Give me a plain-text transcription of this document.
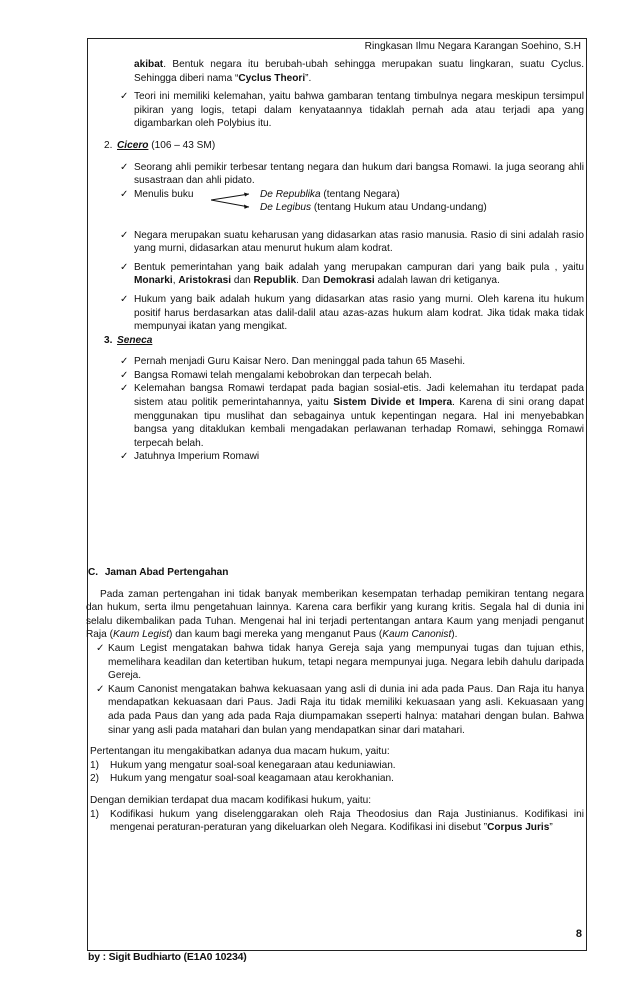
Ringkasan Ilmu Negara Karangan Soehino, S.H

akibat. Bentuk negara itu berubah-ubah sehingga merupakan suatu lingkaran, suatu Cyclus. Sehingga diberi nama “Cyclus Theori”.

✓ Teori ini memiliki kelemahan, yaitu bahwa gambaran tentang timbulnya negara meskipun tersimpul pikiran yang logis, tetapi dalam kenyataannya tidaklah pernah ada atau terjadi apa yang digambarkan oleh Polybius itu.

2. Cicero (106 – 43 SM)

✓ Seorang ahli pemikir terbesar tentang negara dan hukum dari bangsa Romawi. Ia juga seorang ahli susastraan dan ahli pidato.

✓ Menulis buku	De Republika (tentang Negara)
De Legibus (tentang Hukum atau Undang-undang)

✓ Negara merupakan suatu keharusan yang didasarkan atas rasio manusia. Rasio di sini adalah rasio yang murni, didasarkan atau menurut hukum alam kodrat.

✓ Bentuk pemerintahan yang baik adalah yang merupakan campuran dari yang baik pula , yaitu Monarki, Aristokrasi dan Republik. Dan Demokrasi adalah lawan dri ketiganya.

✓ Hukum yang baik adalah hukum yang didasarkan atas rasio yang murni. Oleh karena itu hukum positif harus berdasarkan atas dalil-dalil atau azas-azas hukum alam kodrat. Jika tidak maka tidak mempunyai ikatan yang mengikat.

3. Seneca

✓ Pernah menjadi Guru Kaisar Nero. Dan meninggal pada tahun 65 Masehi.

✓ Bangsa Romawi telah mengalami kebobrokan dan terpecah belah.

✓ Kelemahan bangsa Romawi terdapat pada bagian sosial-etis. Jadi kelemahan itu terdapat pada sistem atau politik pemerintahannya, yaitu Sistem Divide et Impera. Karena di sini orang dapat menggunakan tipu muslihat dan sebagainya untuk kepentingan negara. Hal ini menyebabkan bangsa yang ditaklukan kembali mengadakan perlawanan terhadap Romawi, sehingga Romawi terpecah belah.

✓ Jatuhnya Imperium Romawi

C. Jaman Abad Pertengahan

Pada zaman pertengahan ini tidak banyak memberikan kesempatan terhadap pemikiran tentang negara dan hukum, serta ilmu pengetahuan lainnya. Karena cara berfikir yang kurang kritis. Segala hal di dunia ini selalu dikembalikan pada Tuhan. Mengenai hal ini terjadi pertentangan antara Kaum yang menjadi penganut Raja (Kaum Legist) dan kaum bagi mereka yang menganut Paus (Kaum Canonist).

✓ Kaum Legist mengatakan bahwa tidak hanya Gereja saja yang mempunyai tugas dan tujuan ethis, memelihara keadilan dan ketertiban hukum, tetapi negara mempunyai juga. Negara lebih dahulu daripada Gereja.

✓ Kaum Canonist mengatakan bahwa kekuasaan yang asli di dunia ini ada pada Paus. Dan Raja itu hanya mendapatkan kekuasaan dari Paus. Jadi Raja itu tidak memiliki kekuasaan yang asli. Kekuasaan yang ada pada Paus dan yang ada pada Raja diumpamakan sseperti halnya: matahari dengan bulan. Bahwa sinar yang asli pada matahari dan bulan yang mendapatkan sinar dari matahari.

Pertentangan itu mengakibatkan adanya dua macam hukum, yaitu:

1) Hukum yang mengatur soal-soal kenegaraan atau keduniawian.

2) Hukum yang mengatur soal-soal keagamaan atau kerokhanian.

Dengan demikian terdapat dua macam kodifikasi hukum, yaitu:

1) Kodifikasi hukum yang diselenggarakan oleh Raja Theodosius dan Raja Justinianus. Kodifikasi ini mengenai peraturan-peraturan yang dikeluarkan oleh Negara. Kodifikasi ini disebut ”Corpus Juris”

8
by : Sigit Budhiarto (E1A0 10234)
